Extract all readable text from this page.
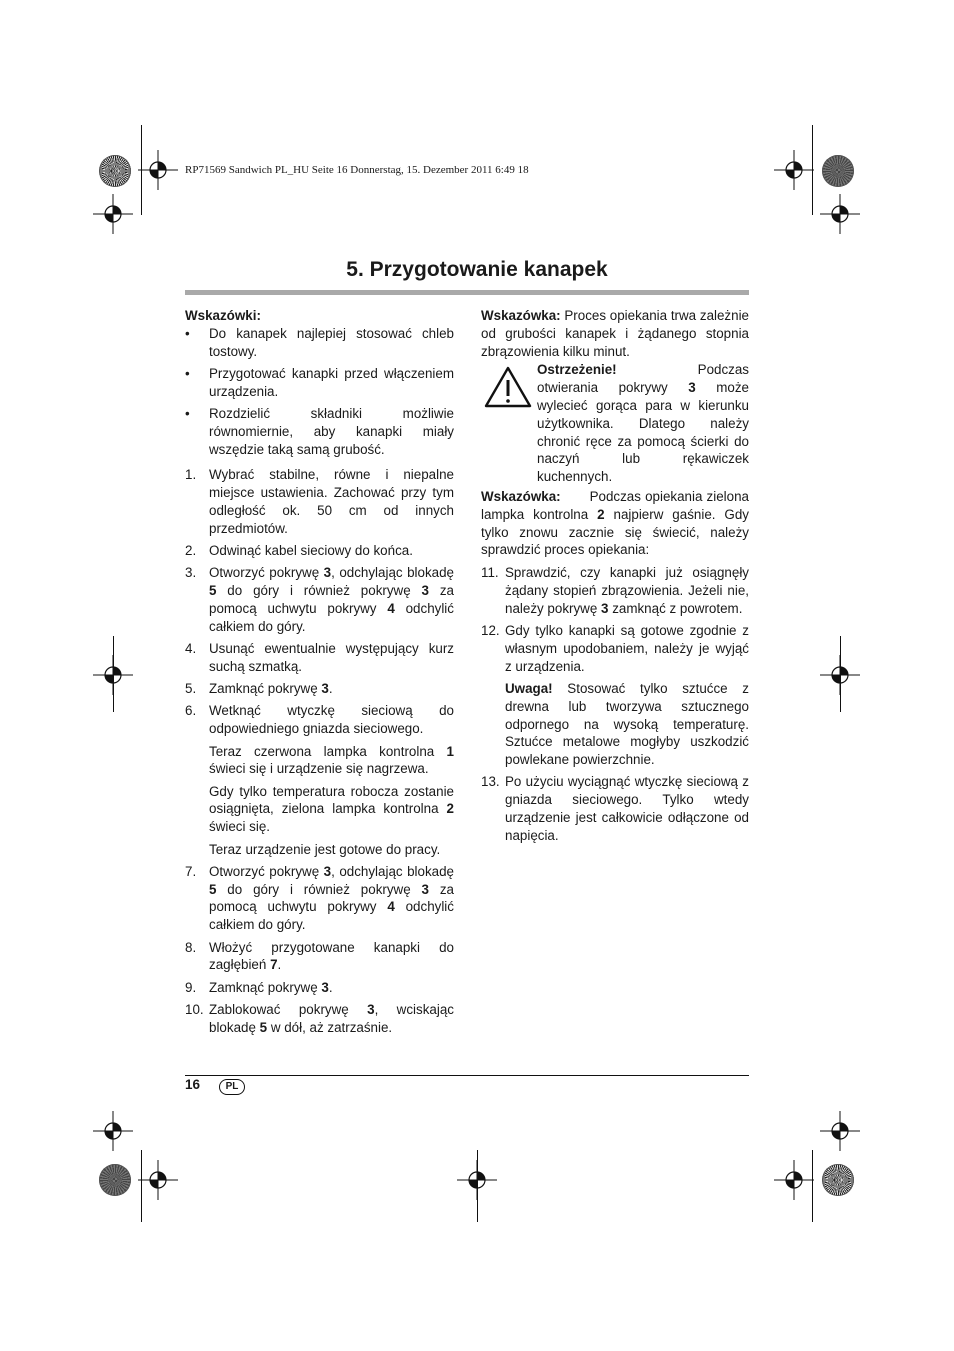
RP71569 Sandwich PL_HU Seite 16 Donnerstag, 15. Dezember 2011 6:49 18
5. Przygotowanie kanapek

Wskazówki:

• Do kanapek najlepiej stosować chleb tostowy.
• Przygotować kanapki przed włączeniem urządzenia.
• Rozdzielić składniki możliwie równomiernie, aby kanapki miały wszędzie taką samą grubość.
1. Wybrać stabilne, równe i niepalne miejsce ustawienia. Zachować przy tym odległość ok. 50 cm od innych przedmiotów.
2. Odwinąć kabel sieciowy do końca.
3. Otworzyć pokrywę 3, odchylając blokadę 5 do góry i również pokrywę 3 za pomocą uchwytu pokrywy 4 odchylić całkiem do góry.
4. Usunąć ewentualnie występujący kurz suchą szmatką.
5. Zamknąć pokrywę 3.
6. Wetknąć wtyczkę sieciową do odpowiedniego gniazda sieciowego.

Teraz czerwona lampka kontrolna 1 świeci się i urządzenie się nagrzewa.

Gdy tylko temperatura robocza zostanie osiągnięta, zielona lampka kontrolna 2 świeci się.

Teraz urządzenie jest gotowe do pracy.

7. Otworzyć pokrywę 3, odchylając blokadę 5 do góry i również pokrywę 3 za pomocą uchwytu pokrywy 4 odchylić całkiem do góry.
8. Włożyć przygotowane kanapki do zagłębień 7.
9. Zamknąć pokrywę 3.
10. Zablokować pokrywę 3, wciskając blokadę 5 w dół, aż zatrzaśnie.

Wskazówka: Proces opiekania trwa zależnie od grubości kanapek i żądanego stopnia zbrązowienia kilku minut.

Ostrzeżenie!	Podczas otwierania pokrywy 3 może wylecieć gorąca para w kierunku użytkownika. Dlatego należy chronić ręce za pomocą ścierki do naczyń lub rękawiczek kuchennych.

Wskazówka: Podczas opiekania zielona lampka kontrolna 2 najpierw gaśnie. Gdy tylko znowu zacznie się świecić, należy sprawdzić proces opiekania:

11. Sprawdzić, czy kanapki już osiągnęły żądany stopień zbrązowienia. Jeżeli nie, należy pokrywę 3 zamknąć z powrotem.
12. Gdy tylko kanapki są gotowe zgodnie z własnym upodobaniem, należy je wyjąć z urządzenia.

Uwaga! Stosować tylko sztućce z drewna lub tworzywa sztucznego odpornego na wysoką temperaturę. Sztućce metalowe mogłyby uszkodzić powlekane powierzchnie.

13. Po użyciu wyciągnąć wtyczkę sieciową z gniazda sieciowego. Tylko wtedy urządzenie jest całkowicie odłączone od napięcia.
16	PL
